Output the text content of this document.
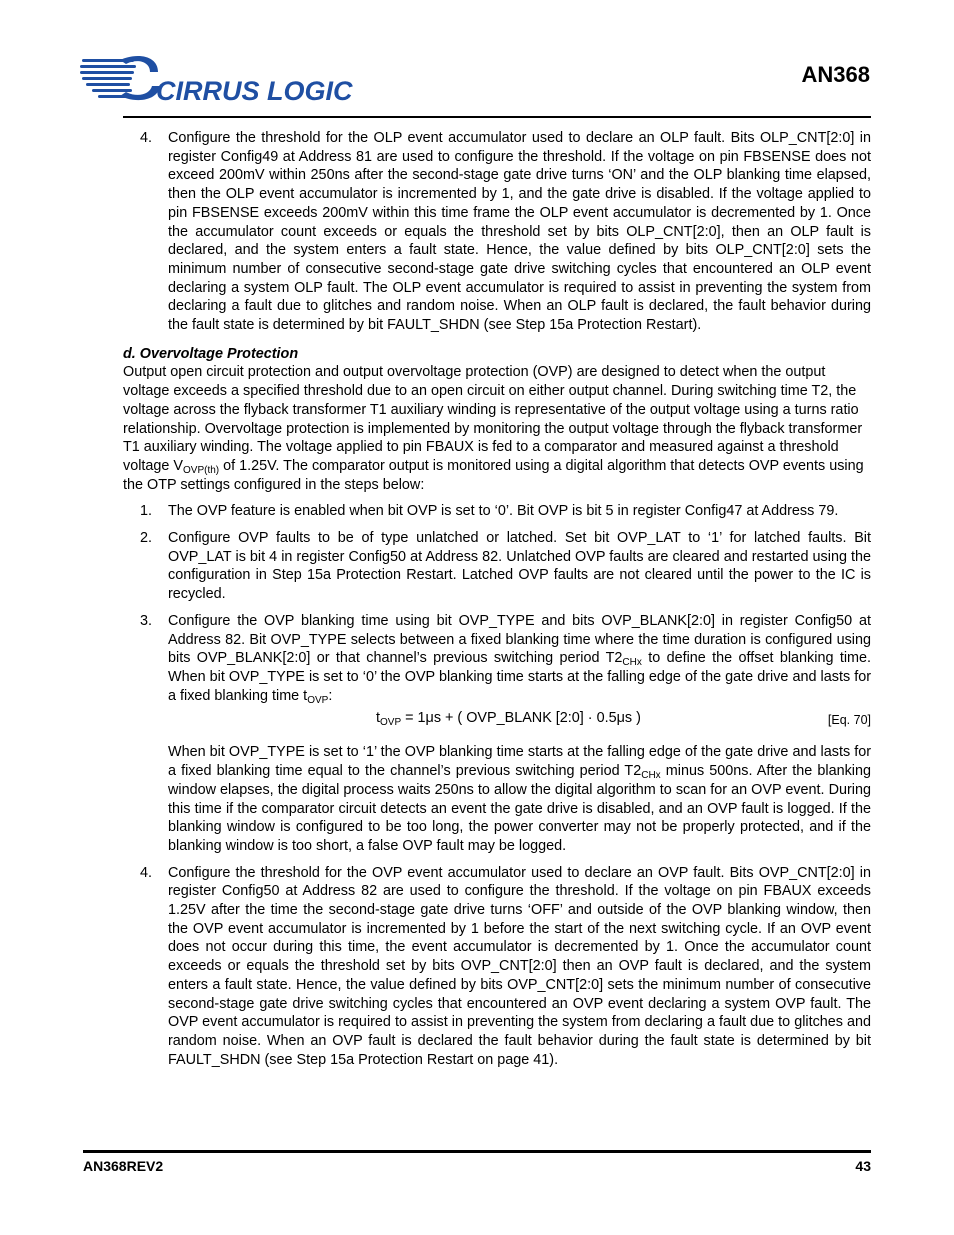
CIRRUS LOGIC
AN368
4. Configure the threshold for the OLP event accumulator used to declare an OLP fault. Bits OLP_CNT[2:0] in register Config49 at Address 81 are used to configure the threshold. If the voltage on pin FBSENSE does not exceed 200mV within 250ns after the second-stage gate drive turns ‘ON’ and the OLP blanking time elapsed, then the OLP event accumulator is incremented by 1, and the gate drive is disabled. If the voltage applied to pin FBSENSE exceeds 200mV within this time frame the OLP event accumulator is decremented by 1. Once the accumulator count exceeds or equals the threshold set by bits OLP_CNT[2:0], then an OLP fault is declared, and the system enters a fault state. Hence, the value defined by bits OLP_CNT[2:0] sets the minimum number of consecutive second-stage gate drive switching cycles that encountered an OLP event declaring a system OLP fault. The OLP event accumulator is required to assist in preventing the system from declaring a fault due to glitches and random noise. When an OLP fault is declared, the fault behavior during the fault state is determined by bit FAULT_SHDN (see Step 15a Protection Restart).
d. Overvoltage Protection
Output open circuit protection and output overvoltage protection (OVP) are designed to detect when the output voltage exceeds a specified threshold due to an open circuit on either output channel. During switching time T2, the voltage across the flyback transformer T1 auxiliary winding is representative of the output voltage using a turns ratio relationship. Overvoltage protection is implemented by monitoring the output voltage through the flyback transformer T1 auxiliary winding. The voltage applied to pin FBAUX is fed to a comparator and measured against a threshold voltage $V_{OVP(th)}$ of 1.25V. The comparator output is monitored using a digital algorithm that detects OVP events using the OTP settings configured in the steps below:
1. The OVP feature is enabled when bit OVP is set to ‘0’. Bit OVP is bit 5 in register Config47 at Address 79.
2. Configure OVP faults to be of type unlatched or latched. Set bit OVP_LAT to ‘1’ for latched faults. Bit OVP_LAT is bit 4 in register Config50 at Address 82. Unlatched OVP faults are cleared and restarted using the configuration in Step 15a Protection Restart. Latched OVP faults are not cleared until the power to the IC is recycled.
3. Configure the OVP blanking time using bit OVP_TYPE and bits OVP_BLANK[2:0] in register Config50 at Address 82. Bit OVP_TYPE selects between a fixed blanking time where the time duration is configured using bits OVP_BLANK[2:0] or that channel’s previous switching period $T2_{CHx}$ to define the offset blanking time. When bit OVP_TYPE is set to ‘0’ the OVP blanking time starts at the falling edge of the gate drive and lasts for a fixed blanking time $t_{OVP}$:
$t_{OVP} = 1\mu s$ + ( OVP_BLANK [2:0] · 0.5μs )	[Eq. 70]
When bit OVP_TYPE is set to ‘1’ the OVP blanking time starts at the falling edge of the gate drive and lasts for a fixed blanking time equal to the channel’s previous switching period $T2_{CHx}$ minus 500ns. After the blanking window elapses, the digital process waits 250ns to allow the digital algorithm to scan for an OVP event. During this time if the comparator circuit detects an event the gate drive is disabled, and an OVP fault is logged. If the blanking window is configured to be too long, the power converter may not be properly protected, and if the blanking window is too short, a false OVP fault may be logged.
4. Configure the threshold for the OVP event accumulator used to declare an OVP fault. Bits OVP_CNT[2:0] in register Config50 at Address 82 are used to configure the threshold. If the voltage on pin FBAUX exceeds 1.25V after the time the second-stage gate drive turns ‘OFF’ and outside of the OVP blanking window, then the OVP event accumulator is incremented by 1 before the start of the next switching cycle. If an OVP event does not occur during this time, the event accumulator is decremented by 1. Once the accumulator count exceeds or equals the threshold set by bits OVP_CNT[2:0] then an OVP fault is declared, and the system enters a fault state. Hence, the value defined by bits OVP_CNT[2:0] sets the minimum number of consecutive second-stage gate drive switching cycles that encountered an OVP event declaring a system OVP fault. The OVP event accumulator is required to assist in preventing the system from declaring a fault due to glitches and random noise. When an OVP fault is declared the fault behavior during the fault state is determined by bit FAULT_SHDN (see Step 15a Protection Restart on page 41).
AN368REV2	43
